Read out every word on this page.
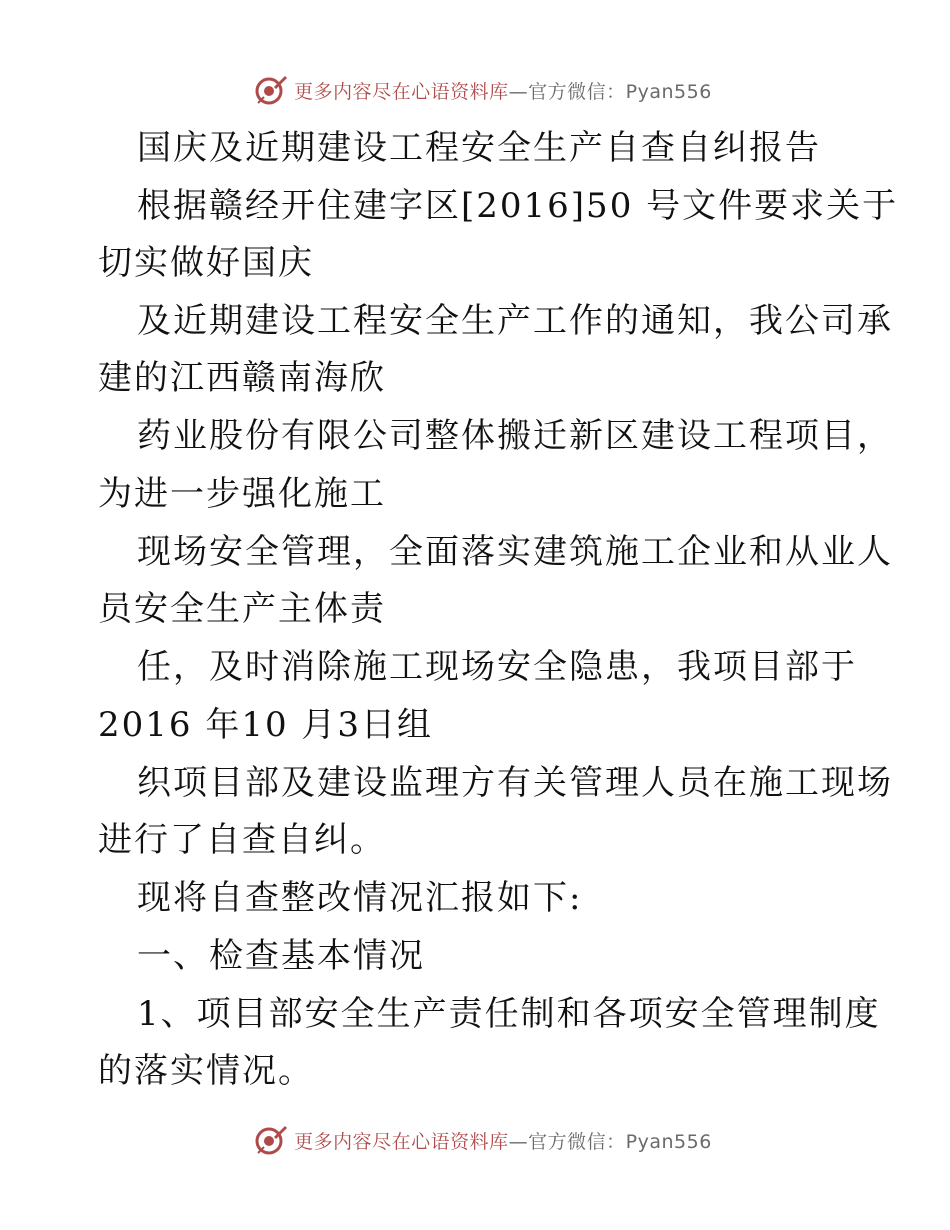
更多内容尽在心语资料库—官方微信：Pyan556
国庆及近期建设工程安全生产自查自纠报告
根据赣经开住建字区[2016]50 号文件要求关于
切实做好国庆
及近期建设工程安全生产工作的通知，我公司承
建的江西赣南海欣
药业股份有限公司整体搬迁新区建设工程项目，
为进一步强化施工
现场安全管理，全面落实建筑施工企业和从业人
员安全生产主体责
任，及时消除施工现场安全隐患，我项目部于
2016 年10 月3日组
织项目部及建设监理方有关管理人员在施工现场
进行了自查自纠。
现将自查整改情况汇报如下:
一、检查基本情况
1、项目部安全生产责任制和各项安全管理制度
的落实情况。
更多内容尽在心语资料库—官方微信：Pyan556
